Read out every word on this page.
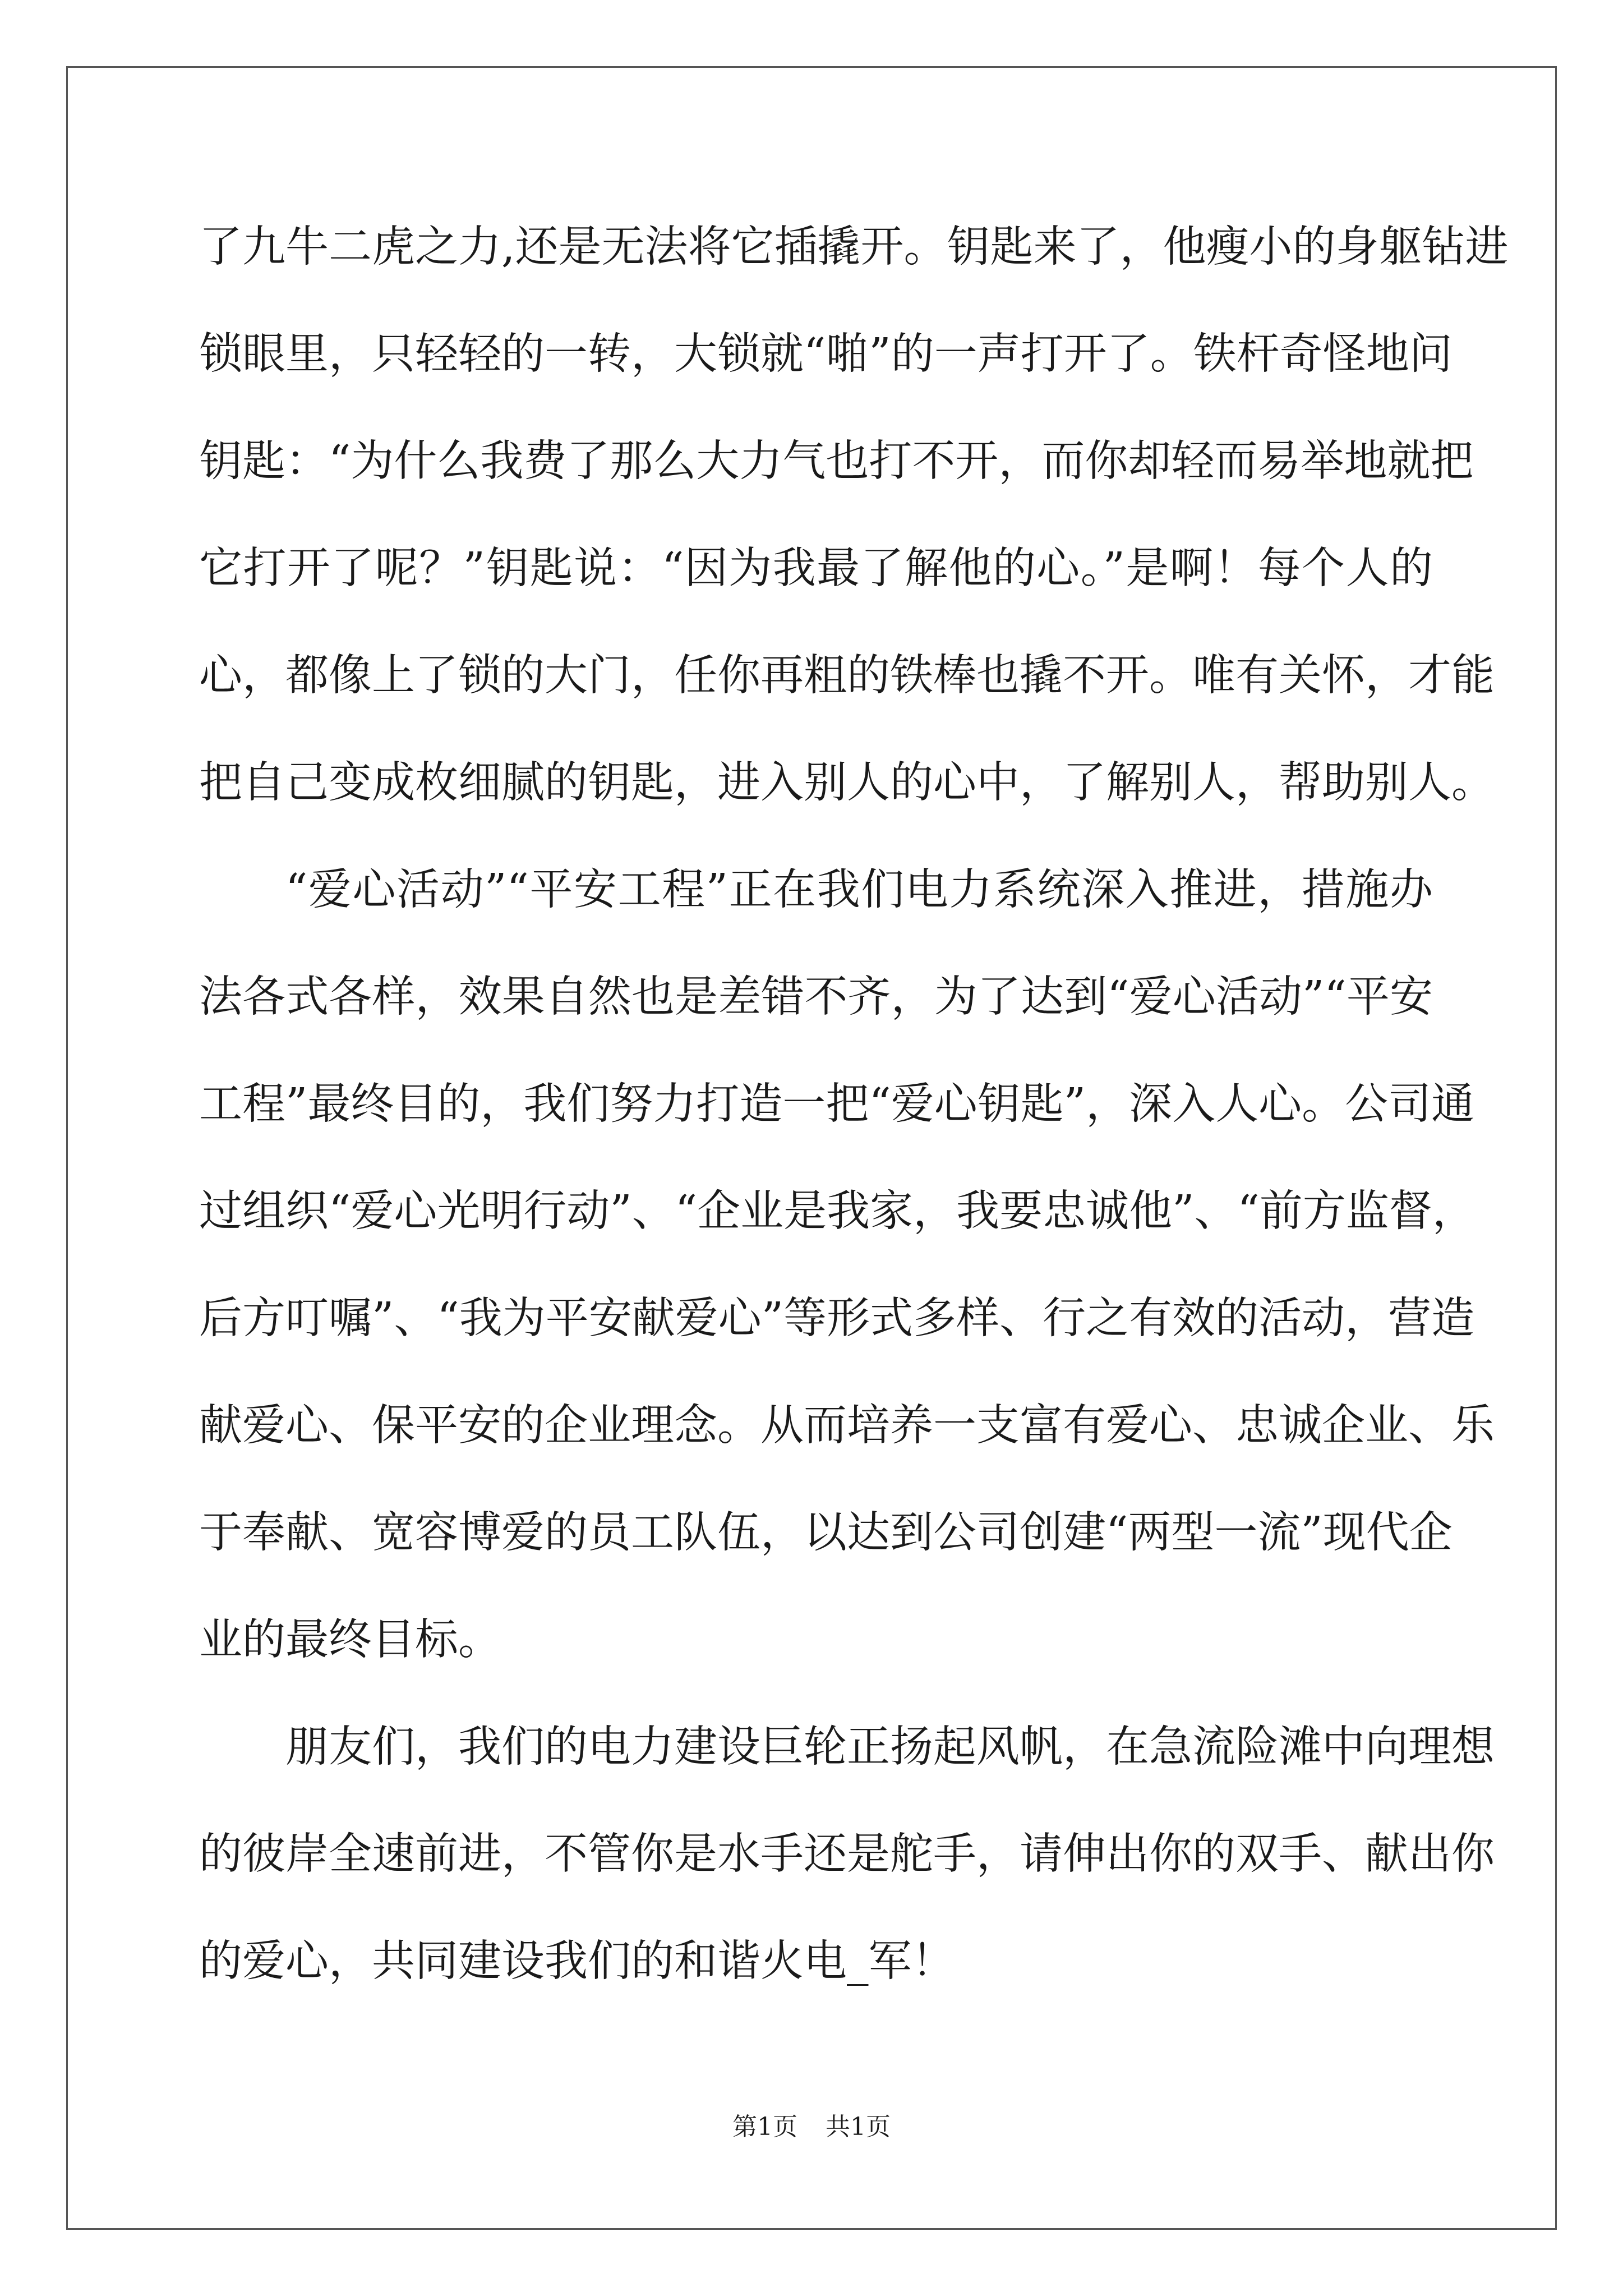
了九牛二虎之力,还是无法将它插撬开。钥匙来了，他瘦小的身躯钻进
锁眼里，只轻轻的一转，大锁就“啪”的一声打开了。铁杆奇怪地问
钥匙：“为什么我费了那么大力气也打不开，而你却轻而易举地就把
它打开了呢？”钥匙说：“因为我最了解他的心。”是啊！每个人的
心，都像上了锁的大门，任你再粗的铁棒也撬不开。唯有关怀，才能
把自己变成枚细腻的钥匙，进入别人的心中，了解别人，帮助别人。
“爱心活动”“平安工程”正在我们电力系统深入推进，措施办
法各式各样，效果自然也是差错不齐，为了达到“爱心活动”“平安
工程”最终目的，我们努力打造一把“爱心钥匙”，深入人心。公司通
过组织“爱心光明行动”、“企业是我家，我要忠诚他”、“前方监督，
后方叮嘱”、“我为平安献爱心”等形式多样、行之有效的活动，营造
献爱心、保平安的企业理念。从而培养一支富有爱心、忠诚企业、乐
于奉献、宽容博爱的员工队伍，以达到公司创建“两型一流”现代企
业的最终目标。
朋友们，我们的电力建设巨轮正扬起风帆，在急流险滩中向理想
的彼岸全速前进，不管你是水手还是舵手，请伸出你的双手、献出你
的爱心，共同建设我们的和谐火电_军！
第1页 共1页
